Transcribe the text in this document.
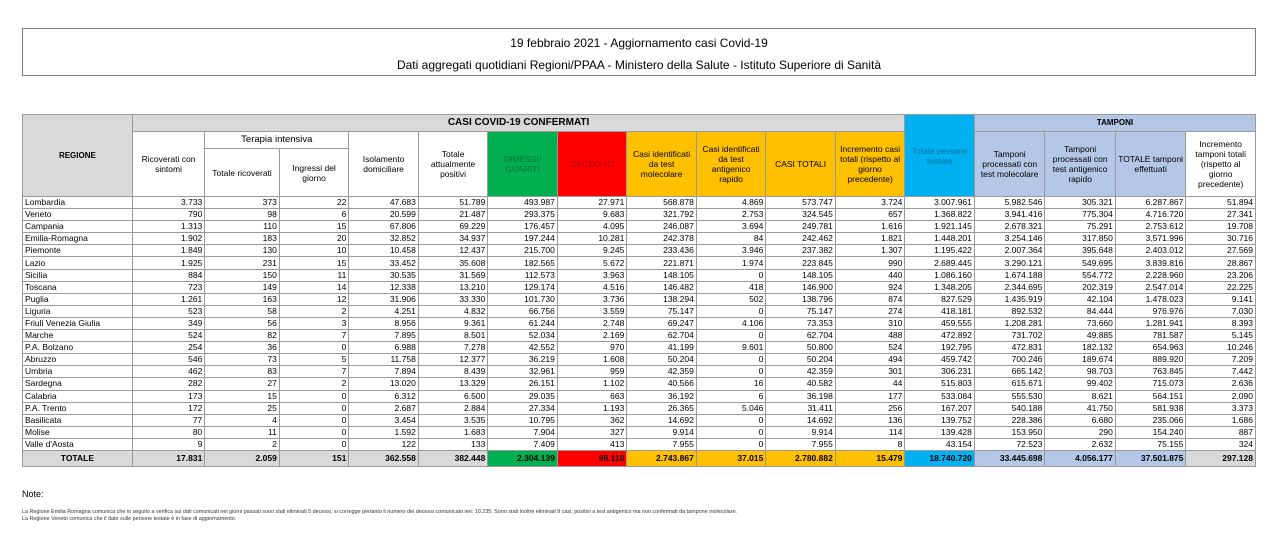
19 febbraio 2021 - Aggiornamento casi Covid-19
Dati aggregati quotidiani Regioni/PPAA - Ministero della Salute - Istituto Superiore di Sanità
REGIONE	CASI COVID-19 CONFERMATI											Totale persone testate	TAMPONI			
	Ricoverati con sintomi	Terapia intensiva		Isolamento domiciliare	Totale attualmente positivi	DIMESSI/ GUARITI	DECEDUTI	Casi identificati da test molecolare	Casi identificati da test antigenico rapido	CASI TOTALI	Incremento casi totali (rispetto al giorno precedente)		Tamponi processati con test molecolare	Tamponi processati con test antigenico rapido	TOTALE tamponi effettuati	Incremento tamponi totali (rispetto al giorno precedente)
		Totale ricoverati	Ingressi del giorno													
Lombardia	3.733	373	22	47.683	51.789	493.987	27.971	568.878	4.869	573.747	3.724	3.007.961	5.982.546	305.321	6.287.867	51.894
Veneto	790	98	6	20.599	21.487	293.375	9.683	321.792	2.753	324.545	657	1.368.822	3.941.416	775.304	4.716.720	27.341
Campania	1.313	110	15	67.806	69.229	176.457	4.095	246.087	3.694	249.781	1.616	1.921.145	2.678.321	75.291	2.753.612	19.708
Emilia-Romagna	1.902	183	20	32.852	34.937	197.244	10.281	242.378	84	242.462	1.821	1.448.201	3.254.146	317.850	3.571.996	30.716
Piemonte	1.849	130	10	10.458	12.437	215.700	9.245	233.436	3.946	237.382	1.307	1.195.422	2.007.364	395.648	2.403.012	27.569
Lazio	1.925	231	15	33.452	35.608	182.565	5.672	221.871	1.974	223.845	990	2.689.445	3.290.121	549.695	3.839.816	28.867
Sicilia	884	150	11	30.535	31.569	112.573	3.963	148.105	0	148.105	440	1.086.160	1.674.188	554.772	2.228.960	23.206
Toscana	723	149	14	12.338	13.210	129.174	4.516	146.482	418	146.900	924	1.348.205	2.344.695	202.319	2.547.014	22.225
Puglia	1.261	163	12	31.906	33.330	101.730	3.736	138.294	502	138.796	874	827.529	1.435.919	42.104	1.478.023	9.141
Liguria	523	58	2	4.251	4.832	66.756	3.559	75.147	0	75.147	274	418.181	892.532	84.444	976.976	7.030
Friuli Venezia Giulia	349	56	3	8.956	9.361	61.244	2.748	69.247	4.106	73.353	310	459.555	1.208.281	73.660	1.281.941	8.393
Marche	524	82	7	7.895	8.501	52.034	2.169	62.704	0	62.704	488	472.892	731.702	49.885	781.587	5.145
P.A. Bolzano	254	36	0	6.988	7.278	42.552	970	41.199	9.601	50.800	524	192.795	472.831	182.132	654.963	10.246
Abruzzo	546	73	5	11.758	12.377	36.219	1.608	50.204	0	50.204	494	459.742	700.246	189.674	889.920	7.209
Umbria	462	83	7	7.894	8.439	32.961	959	42.359	0	42.359	301	306.231	665.142	98.703	763.845	7.442
Sardegna	282	27	2	13.020	13.329	26.151	1.102	40.566	16	40.582	44	515.803	615.671	99.402	715.073	2.636
Calabria	173	15	0	6.312	6.500	29.035	663	36.192	6	36.198	177	533.084	555.530	8.621	564.151	2.090
P.A. Trento	172	25	0	2.687	2.884	27.334	1.193	26.365	5.046	31.411	256	167.207	540.188	41.750	581.938	3.373
Basilicata	77	4	0	3.454	3.535	10.795	362	14.692	0	14.692	136	139.752	228.386	6.680	235.066	1.686
Molise	80	11	0	1.592	1.683	7.904	327	9.914	0	9.914	114	139.428	153.950	290	154.240	887
Valle d'Aosta	9	2	0	122	133	7.409	413	7.955	0	7.955	8	43.154	72.523	2.632	75.155	324
TOTALE	17.831	2.059	151	362.558	382.448	2.304.139	96.110	2.743.867	37.015	2.780.882	15.479	18.740.720	33.445.698	4.056.177	37.501.875	297.128
Note:
La Regione Emilia Romagna comunica che in seguito a verifica sui dati comunicati nei giorni passati sono stati eliminati 5 decessi, si corregge pertanto il numero dei decessi comunicato ieri: 10.235. Sono stati inoltre eliminati 9 casi, positivi a test antigenico ma non confermati da tampone molecolare.
La Regione Veneto comunica che il dato sulle persone testate è in fase di aggiornamento.
